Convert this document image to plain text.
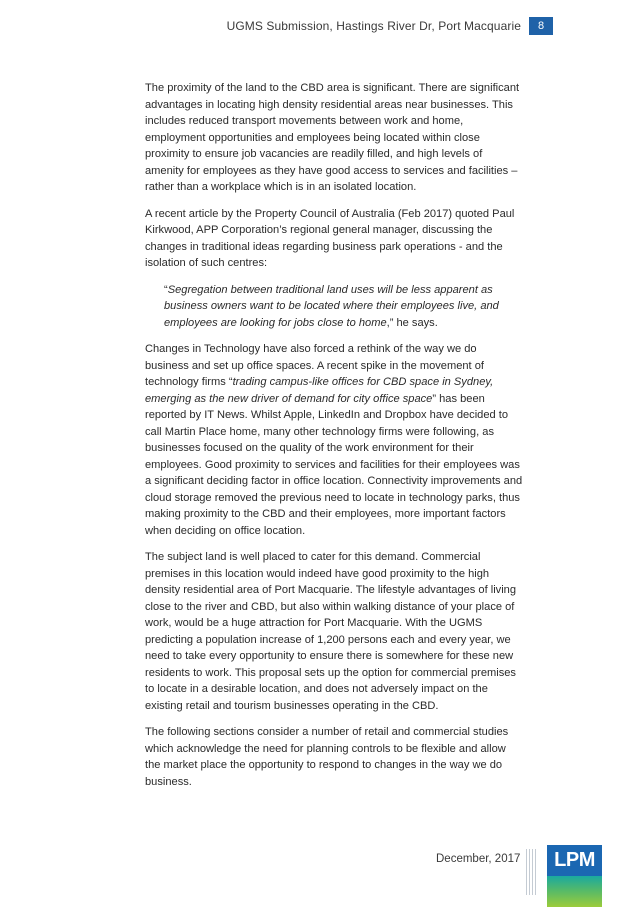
UGMS Submission, Hastings River Dr, Port Macquarie	8

The proximity of the land to the CBD area is significant. There are significant advantages in locating high density residential areas near businesses. This includes reduced transport movements between work and home, employment opportunities and employees being located within close proximity to ensure job vacancies are readily filled, and high levels of amenity for employees as they have good access to services and facilities – rather than a workplace which is in an isolated location.

A recent article by the Property Council of Australia (Feb 2017) quoted Paul Kirkwood, APP Corporation’s regional general manager, discussing the changes in traditional ideas regarding business park operations - and the isolation of such centres:

“Segregation between traditional land uses will be less apparent as business owners want to be located where their employees live, and employees are looking for jobs close to home,” he says.

Changes in Technology have also forced a rethink of the way we do business and set up office spaces. A recent spike in the movement of technology firms “trading campus-like offices for CBD space in Sydney, emerging as the new driver of demand for city office space” has been reported by IT News. Whilst Apple, LinkedIn and Dropbox have decided to call Martin Place home, many other technology firms were following, as businesses focused on the quality of the work environment for their employees. Good proximity to services and facilities for their employees was a significant deciding factor in office location. Connectivity improvements and cloud storage removed the previous need to locate in technology parks, thus making proximity to the CBD and their employees, more important factors when deciding on office location.

The subject land is well placed to cater for this demand. Commercial premises in this location would indeed have good proximity to the high density residential area of Port Macquarie. The lifestyle advantages of living close to the river and CBD, but also within walking distance of your place of work, would be a huge attraction for Port Macquarie. With the UGMS predicting a population increase of 1,200 persons each and every year, we need to take every opportunity to ensure there is somewhere for these new residents to work. This proposal sets up the option for commercial premises to locate in a desirable location, and does not adversely impact on the existing retail and tourism businesses operating in the CBD.

The following sections consider a number of retail and commercial studies which acknowledge the need for planning controls to be flexible and allow the market place the opportunity to respond to changes in the way we do business.

December, 2017	LPM
